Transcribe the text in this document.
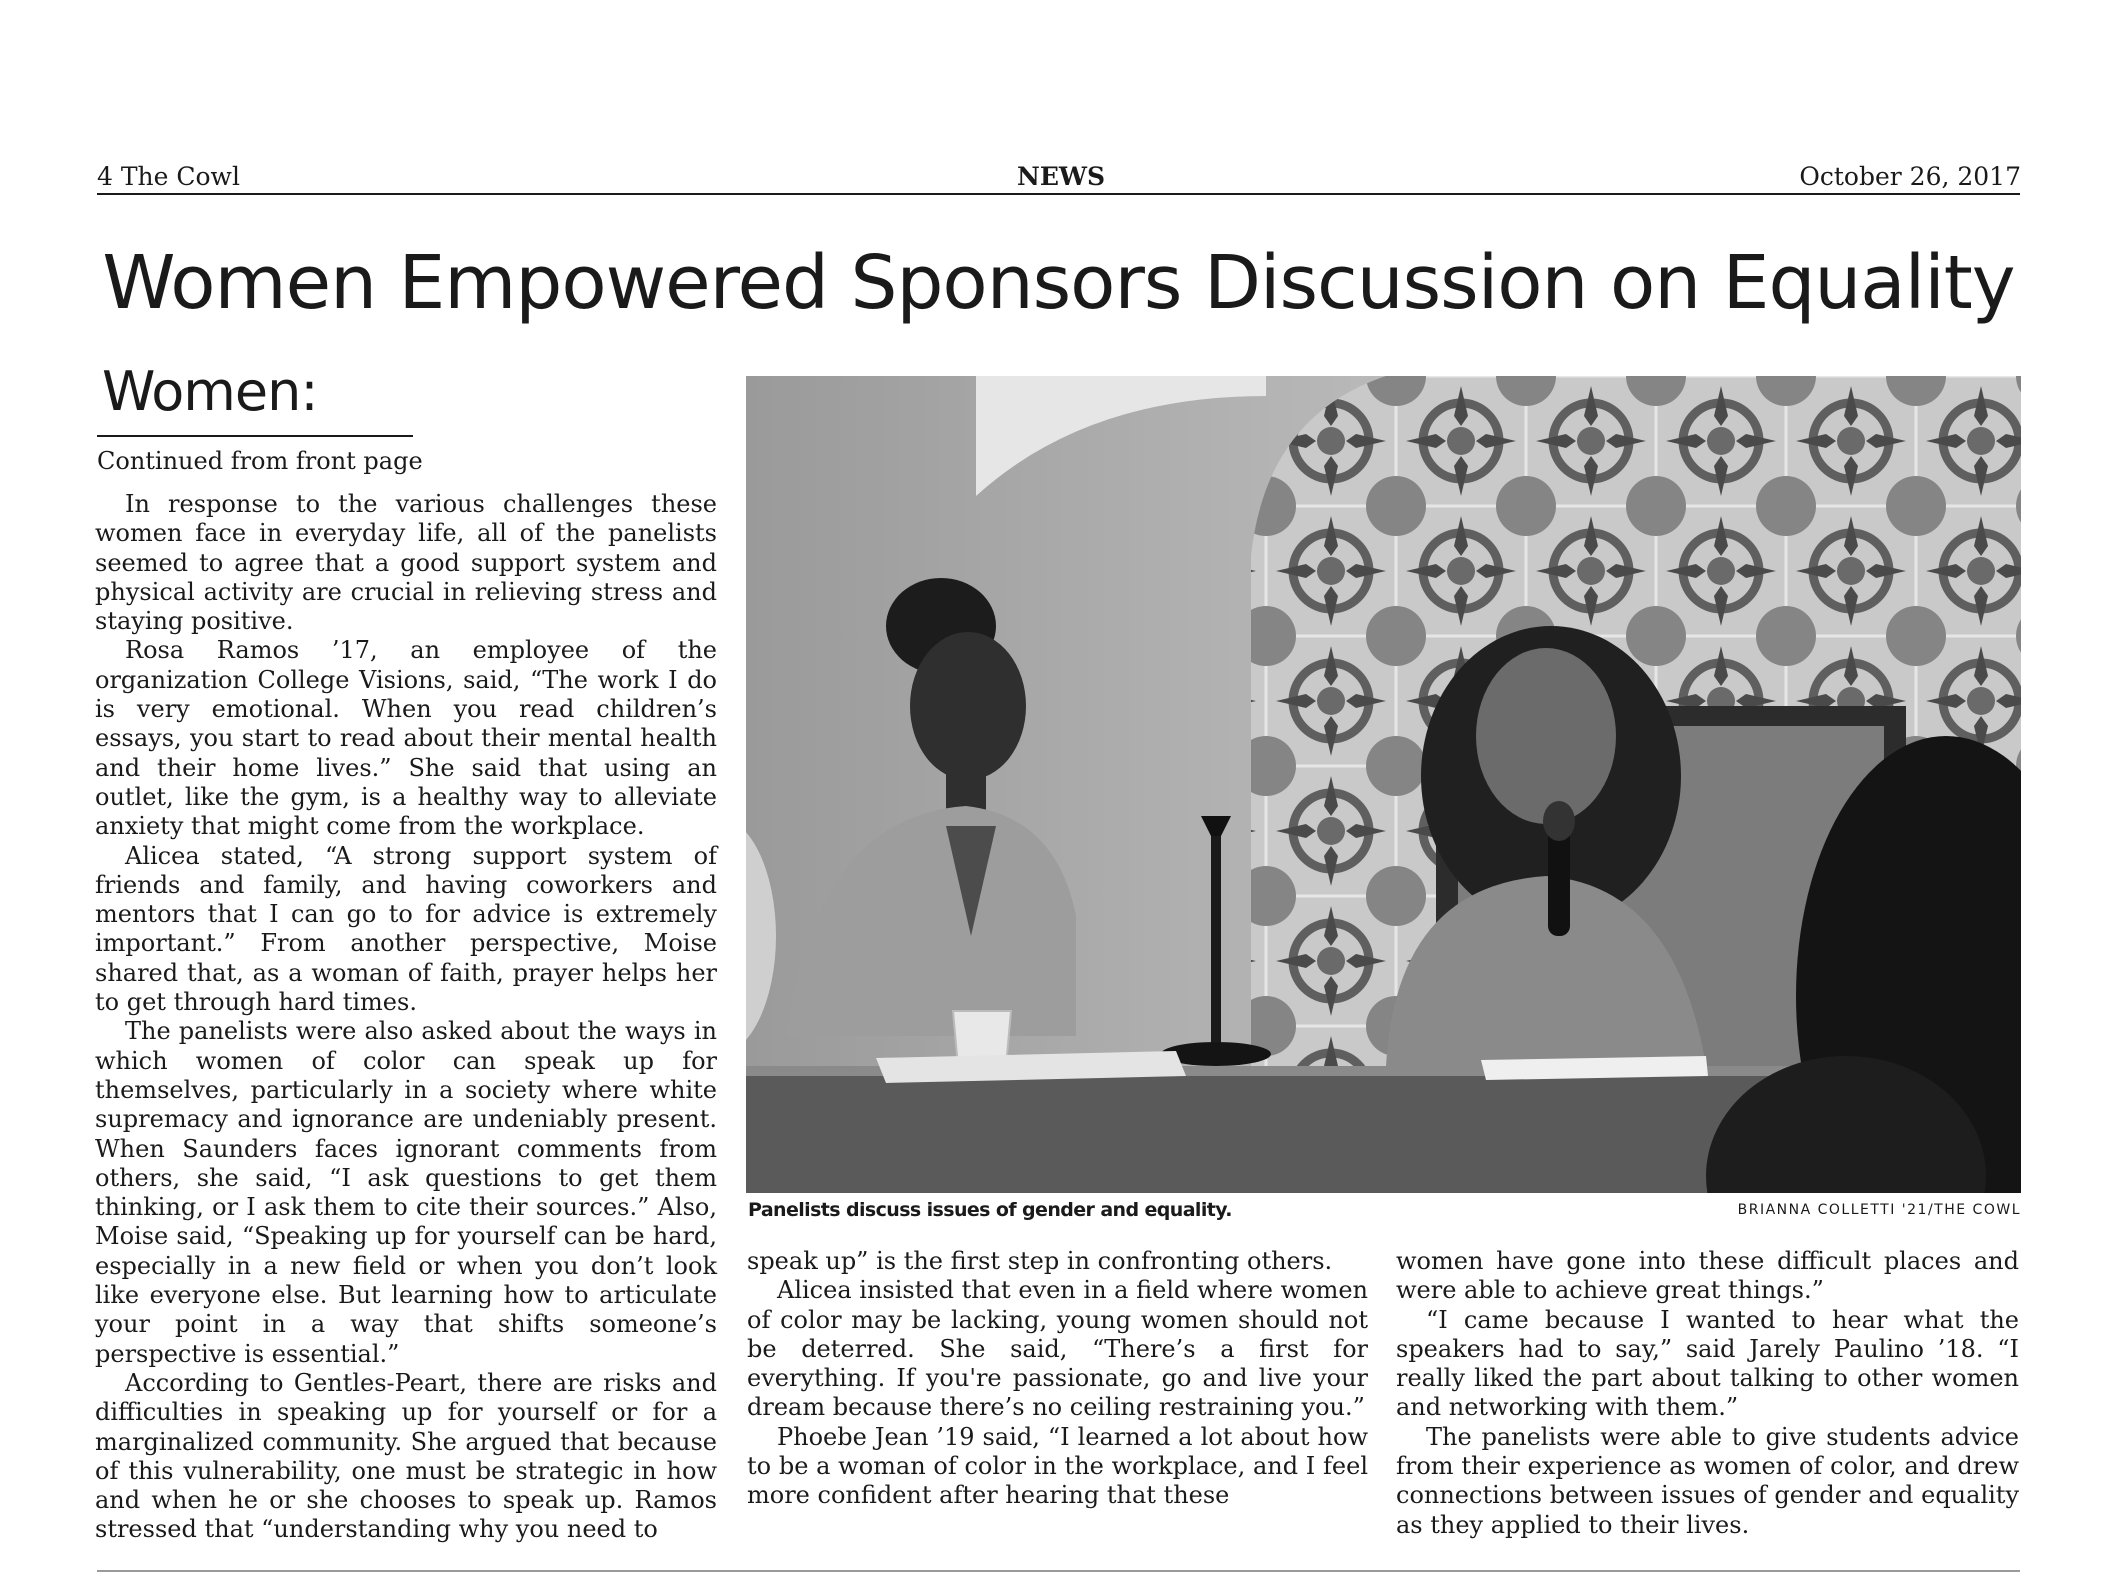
4 The Cowl	NEWS	October 26, 2017
Women Empowered Sponsors Discussion on Equality
Women:
Continued from front page

In response to the various challenges these women face in everyday life, all of the panelists seemed to agree that a good support system and physical activity are crucial in relieving stress and staying positive.

Rosa Ramos ’17, an employee of the organization College Visions, said, “The work I do is very emotional. When you read children’s essays, you start to read about their mental health and their home lives.” She said that using an outlet, like the gym, is a healthy way to alleviate anxiety that might come from the workplace.

Alicea stated, “A strong support system of friends and family, and having coworkers and mentors that I can go to for advice is extremely important.” From another perspective, Moise shared that, as a woman of faith, prayer helps her to get through hard times.

The panelists were also asked about the ways in which women of color can speak up for themselves, particularly in a society where white supremacy and ignorance are undeniably present. When Saunders faces ignorant comments from others, she said, “I ask questions to get them thinking, or I ask them to cite their sources.” Also, Moise said, “Speaking up for yourself can be hard, especially in a new field or when you don’t look like everyone else. But learning how to articulate your point in a way that shifts someone’s perspective is essential.”

According to Gentles-Peart, there are risks and difficulties in speaking up for yourself or for a marginalized community. She argued that because of this vulnerability, one must be strategic in how and when he or she chooses to speak up. Ramos stressed that “understanding why you need to

Panelists discuss issues of gender and equality.	BRIANNA COLLETTI '21/THE COWL

speak up” is the first step in confronting others.

Alicea insisted that even in a field where women of color may be lacking, young women should not be deterred. She said, “There’s a first for everything. If you're passionate, go and live your dream because there’s no ceiling restraining you.”

Phoebe Jean ’19 said, “I learned a lot about how to be a woman of color in the workplace, and I feel more confident after hearing that these

women have gone into these difficult places and were able to achieve great things.”

“I came because I wanted to hear what the speakers had to say,” said Jarely Paulino ’18. “I really liked the part about talking to other women and networking with them.”

The panelists were able to give students advice from their experience as women of color, and drew connections between issues of gender and equality as they applied to their lives.
